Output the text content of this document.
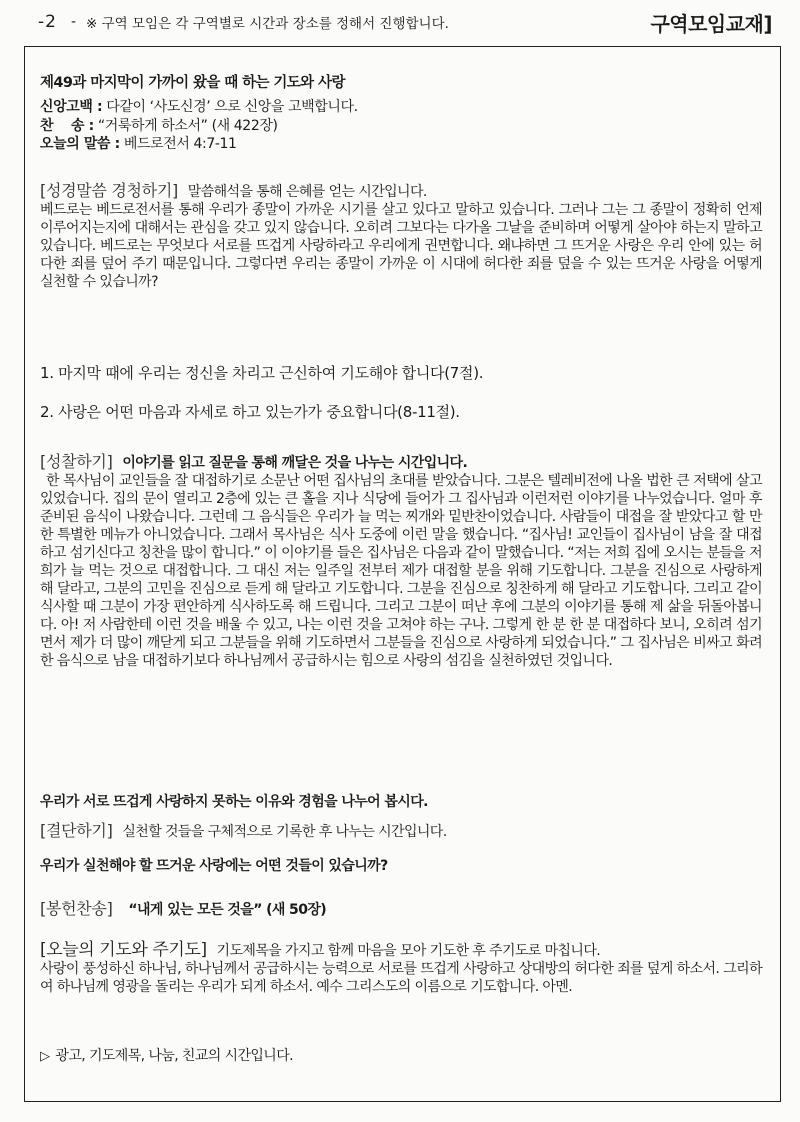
-2 - ※ 구역 모임은 각 구역별로 시간과 장소를 정해서 진행합니다.	구역모임교재]
제49과 마지막이 가까이 왔을 때 하는 기도와 사랑
신앙고백 : 다같이 ‘사도신경’ 으로 신앙을 고백합니다.
찬    송 : “거룩하게 하소서” (새 422장)
오늘의 말씀 : 베드로전서 4:7-11

[성경말씀 경청하기] 말씀해석을 통해 은혜를 얻는 시간입니다.

베드로는 베드로전서를 통해 우리가 종말이 가까운 시기를 살고 있다고 말하고 있습니다. 그러나 그는 그 종말이 정확히 언제 이루어지는지에 대해서는 관심을 갖고 있지 않습니다. 오히려 그보다는 다가올 그날을 준비하며 어떻게 살아야 하는지 말하고 있습니다. 베드로는 무엇보다 서로를 뜨겁게 사랑하라고 우리에게 권면합니다. 왜냐하면 그 뜨거운 사랑은 우리 안에 있는 허다한 죄를 덮어 주기 때문입니다. 그렇다면 우리는 종말이 가까운 이 시대에 허다한 죄를 덮을 수 있는 뜨거운 사랑을 어떻게 실천할 수 있습니까?

1. 마지막 때에 우리는 정신을 차리고 근신하여 기도해야 합니다(7절).
2. 사랑은 어떤 마음과 자세로 하고 있는가가 중요합니다(8-11절).

[성찰하기] 이야기를 읽고 질문을 통해 깨달은 것을 나누는 시간입니다.

한 목사님이 교인들을 잘 대접하기로 소문난 어떤 집사님의 초대를 받았습니다. 그분은 텔레비전에 나올 법한 큰 저택에 살고 있었습니다. 집의 문이 열리고 2층에 있는 큰 홀을 지나 식당에 들어가 그 집사님과 이런저런 이야기를 나누었습니다. 얼마 후 준비된 음식이 나왔습니다. 그런데 그 음식들은 우리가 늘 먹는 찌개와 밑반찬이었습니다. 사람들이 대접을 잘 받았다고 할 만한 특별한 메뉴가 아니었습니다. 그래서 목사님은 식사 도중에 이런 말을 했습니다. “집사님! 교인들이 집사님이 남을 잘 대접하고 섬기신다고 칭찬을 많이 합니다.” 이 이야기를 들은 집사님은 다음과 같이 말했습니다. “저는 저희 집에 오시는 분들을 저희가 늘 먹는 것으로 대접합니다. 그 대신 저는 일주일 전부터 제가 대접할 분을 위해 기도합니다. 그분을 진심으로 사랑하게 해 달라고, 그분의 고민을 진심으로 듣게 해 달라고 기도합니다. 그분을 진심으로 칭찬하게 해 달라고 기도합니다. 그리고 같이 식사할 때 그분이 가장 편안하게 식사하도록 해 드립니다. 그리고 그분이 떠난 후에 그분의 이야기를 통해 제 삶을 뒤돌아봅니다. 아! 저 사람한테 이런 것을 배울 수 있고, 나는 이런 것을 고쳐야 하는 구나. 그렇게 한 분 한 분 대접하다 보니, 오히려 섬기면서 제가 더 많이 깨닫게 되고 그분들을 위해 기도하면서 그분들을 진심으로 사랑하게 되었습니다.” 그 집사님은 비싸고 화려한 음식으로 남을 대접하기보다 하나님께서 공급하시는 힘으로 사랑의 섬김을 실천하였던 것입니다.

우리가 서로 뜨겁게 사랑하지 못하는 이유와 경험을 나누어 봅시다.

[결단하기] 실천할 것들을 구체적으로 기록한 후 나누는 시간입니다.

우리가 실천해야 할 뜨거운 사랑에는 어떤 것들이 있습니까?

[봉헌찬송] “내게 있는 모든 것을” (새 50장)

[오늘의 기도와 주기도] 기도제목을 가지고 함께 마음을 모아 기도한 후 주기도로 마칩니다.

사랑이 풍성하신 하나님, 하나님께서 공급하시는 능력으로 서로를 뜨겁게 사랑하고 상대방의 허다한 죄를 덮게 하소서. 그리하여 하나님께 영광을 돌리는 우리가 되게 하소서. 예수 그리스도의 이름으로 기도합니다. 아멘.

▷ 광고, 기도제목, 나눔, 친교의 시간입니다.
